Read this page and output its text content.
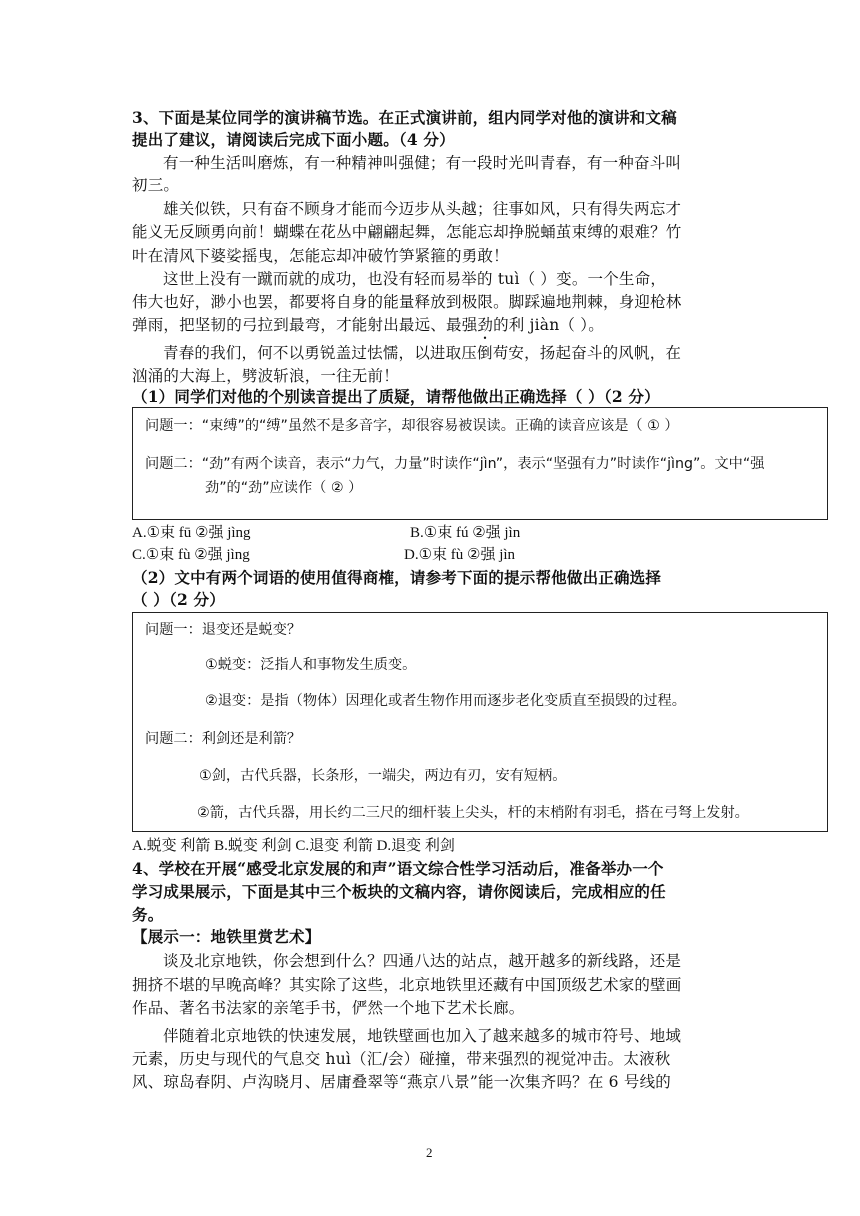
3、下面是某位同学的演讲稿节选。在正式演讲前，组内同学对他的演讲和文稿
提出了建议，请阅读后完成下面小题。（4 分）
有一种生活叫磨炼，有一种精神叫强健；有一段时光叫青春，有一种奋斗叫
初三。
雄关似铁，只有奋不顾身才能而今迈步从头越；往事如风，只有得失两忘才
能义无反顾勇向前！蝴蝶在花丛中翩翩起舞，怎能忘却挣脱蛹茧束缚的艰难？竹
叶在清风下婆娑摇曳，怎能忘却冲破竹笋紧箍的勇敢！
这世上没有一蹴而就的成功，也没有轻而易举的 tuì（ ）变。一个生命，
伟大也好，渺小也罢，都要将自身的能量释放到极限。脚踩遍地荆棘，身迎枪林
弹雨，把坚韧的弓拉到最弯，才能射出最远、最强劲的利 jiàn（ ）。
青春的我们，何不以勇锐盖过怯懦，以进取压倒苟安，扬起奋斗的风帆，在
汹涌的大海上，劈波斩浪，一往无前！
（1）同学们对他的个别读音提出了质疑，请帮他做出正确选择（ ）（2 分）
问题一：“束缚”的“缚”虽然不是多音字，却很容易被误读。正确的读音应该是（ ① ）
问题二：“劲”有两个读音，表示“力气，力量”时读作“jìn”，表示“坚强有力”时读作“jìng”。文中“强
劲”的“劲”应读作（ ② ）
A.①束 fū ②强 jìng	B.①束 fú ②强 jìn
C.①束 fù ②强 jìng	D.①束 fù ②强 jìn
（2）文中有两个词语的使用值得商榷，请参考下面的提示帮他做出正确选择
（ ）（2 分）
问题一：退变还是蜕变？
①蜕变：泛指人和事物发生质变。
②退变：是指（物体）因理化或者生物作用而逐步老化变质直至损毁的过程。
问题二：利剑还是利箭？
①剑，古代兵器，长条形，一端尖，两边有刃，安有短柄。
②箭，古代兵器，用长约二三尺的细杆装上尖头，杆的末梢附有羽毛，搭在弓弩上发射。
A.蜕变 利箭 B.蜕变 利剑 C.退变 利箭 D.退变 利剑
4、学校在开展“感受北京发展的和声”语文综合性学习活动后，准备举办一个
学习成果展示，下面是其中三个板块的文稿内容，请你阅读后，完成相应的任
务。
【展示一：地铁里赏艺术】
谈及北京地铁，你会想到什么？四通八达的站点，越开越多的新线路，还是
拥挤不堪的早晚高峰？其实除了这些，北京地铁里还藏有中国顶级艺术家的壁画
作品、著名书法家的亲笔手书，俨然一个地下艺术长廊。
伴随着北京地铁的快速发展，地铁壁画也加入了越来越多的城市符号、地域
元素，历史与现代的气息交 huì（汇/会）碰撞，带来强烈的视觉冲击。太液秋
风、琼岛春阴、卢沟晓月、居庸叠翠等“燕京八景”能一次集齐吗？在 6 号线的
2
